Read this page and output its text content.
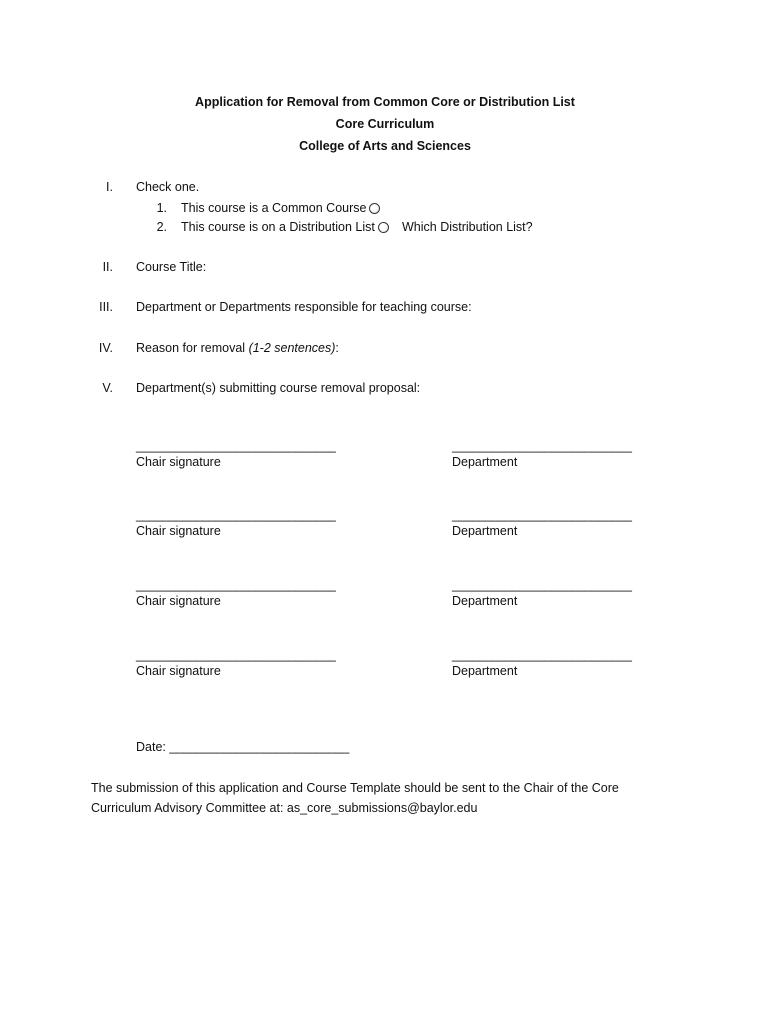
Application for Removal from Common Core or Distribution List
Core Curriculum
College of Arts and Sciences
I. Check one.
1. This course is a Common Course
2. This course is on a Distribution List	Which Distribution List?
II. Course Title:
III. Department or Departments responsible for teaching course:
IV. Reason for removal (1-2 sentences):
V. Department(s) submitting course removal proposal:
______________________________
Chair signature
___________________________
Department
______________________________
Chair signature
___________________________
Department
______________________________
Chair signature
___________________________
Department
______________________________
Chair signature
___________________________
Department
Date: ___________________________
The submission of this application and Course Template should be sent to the Chair of the Core
Curriculum Advisory Committee at: as_core_submissions@baylor.edu
